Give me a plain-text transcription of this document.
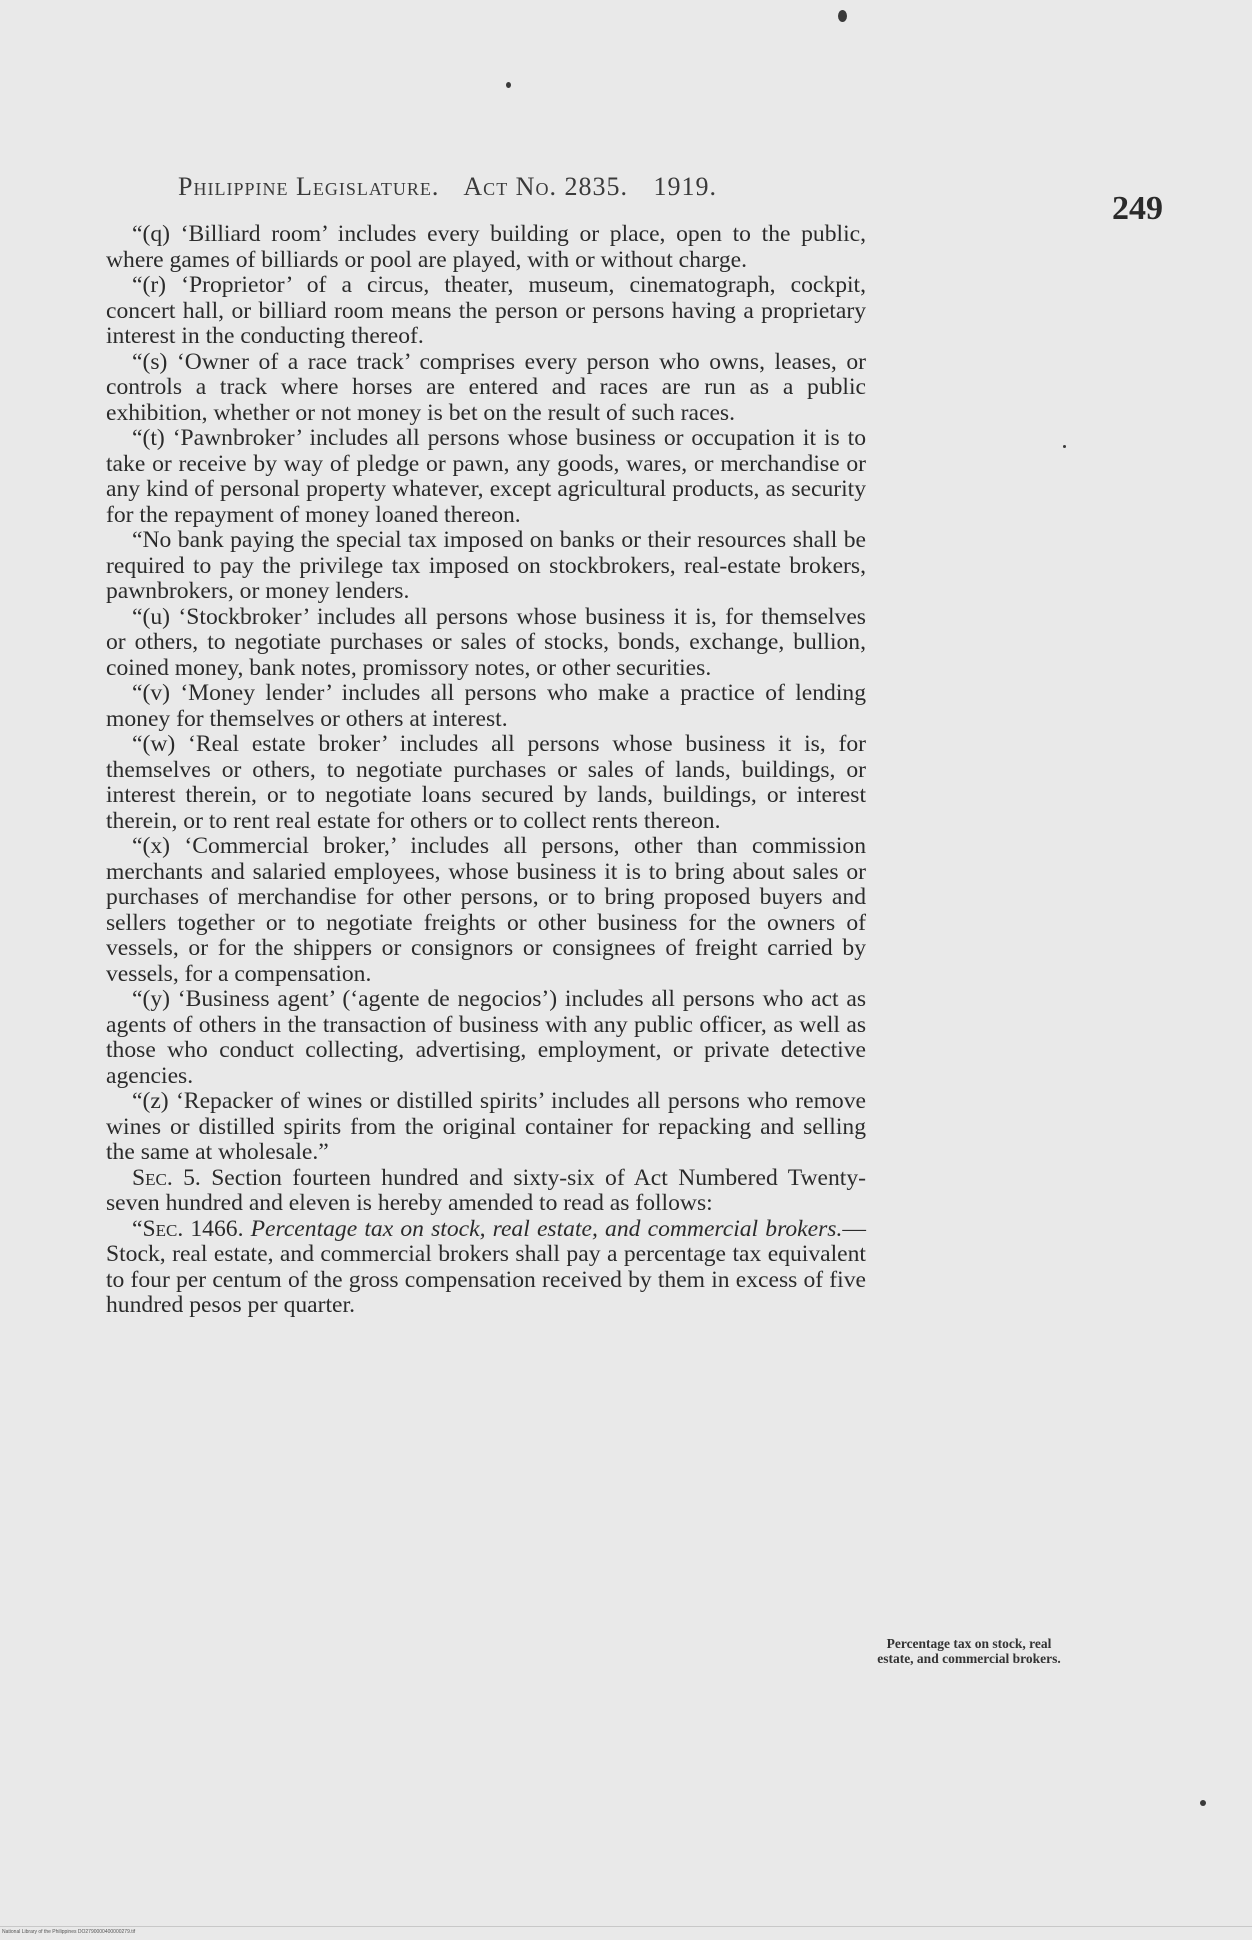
Philippine Legislature. Act No. 2835. 1919.
249

“(q) ‘Billiard room’ includes every building or place, open to the public, where games of billiards or pool are played, with or without charge.

“(r) ‘Proprietor’ of a circus, theater, museum, cinematograph, cockpit, concert hall, or billiard room means the person or persons having a proprietary interest in the conducting thereof.

“(s) ‘Owner of a race track’ comprises every person who owns, leases, or controls a track where horses are entered and races are run as a public exhibition, whether or not money is bet on the result of such races.

“(t) ‘Pawnbroker’ includes all persons whose business or occupation it is to take or receive by way of pledge or pawn, any goods, wares, or merchandise or any kind of personal property whatever, except agricultural products, as security for the repayment of money loaned thereon.

“No bank paying the special tax imposed on banks or their resources shall be required to pay the privilege tax imposed on stockbrokers, real-estate brokers, pawnbrokers, or money lenders.

“(u) ‘Stockbroker’ includes all persons whose business it is, for themselves or others, to negotiate purchases or sales of stocks, bonds, exchange, bullion, coined money, bank notes, promissory notes, or other securities.

“(v) ‘Money lender’ includes all persons who make a practice of lending money for themselves or others at interest.

“(w) ‘Real estate broker’ includes all persons whose business it is, for themselves or others, to negotiate purchases or sales of lands, buildings, or interest therein, or to negotiate loans secured by lands, buildings, or interest therein, or to rent real estate for others or to collect rents thereon.

“(x) ‘Commercial broker,’ includes all persons, other than commission merchants and salaried employees, whose business it is to bring about sales or purchases of merchandise for other persons, or to bring proposed buyers and sellers together or to negotiate freights or other business for the owners of vessels, or for the shippers or consignors or consignees of freight carried by vessels, for a compensation.

“(y) ‘Business agent’ (‘agente de negocios’) includes all persons who act as agents of others in the transaction of business with any public officer, as well as those who conduct collecting, advertising, employment, or private detective agencies.

“(z) ‘Repacker of wines or distilled spirits’ includes all persons who remove wines or distilled spirits from the original container for repacking and selling the same at wholesale.”

Sec. 5. Section fourteen hundred and sixty-six of Act Numbered Twenty-seven hundred and eleven is hereby amended to read as follows:

“Sec. 1466. Percentage tax on stock, real estate, and commercial brokers.—Stock, real estate, and commercial brokers shall pay a percentage tax equivalent to four per centum of the gross compensation received by them in excess of five hundred pesos per quarter.

Percentage tax on stock, real estate, and commercial brokers.
National Library of the Philippines DO2790000400000279.tif
